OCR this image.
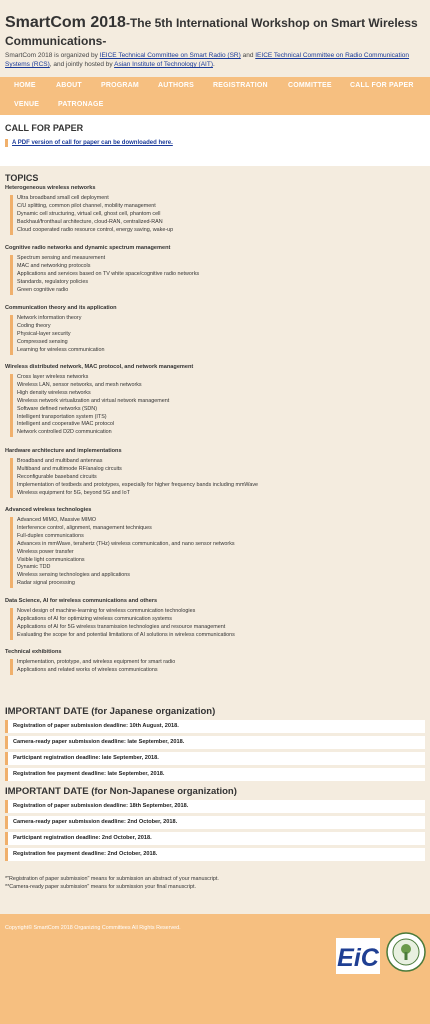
SmartCom 2018-The 5th International Workshop on Smart Wireless Communications-
SmartCom 2018 is organized by IEICE Technical Committee on Smart Radio (SR) and IEICE Technical Committee on Radio Communication Systems (RCS), and jointly hosted by Asian Institute of Technology (AIT).
HOME	ABOUT	PROGRAM	AUTHORS	REGISTRATION	COMMITTEE	CALL FOR PAPER
VENUE	PATRONAGE
CALL FOR PAPER
A PDF version of call for paper can be downloaded here.
TOPICS
Heterogeneous wireless networks
Ultra broadband small cell deployment
C/U splitting, common pilot channel, mobility management
Dynamic cell structuring, virtual cell, ghost cell, phantom cell
Backhaul/fronthaul architecture, cloud-RAN, centralized-RAN
Cloud cooperated radio resource control, energy saving, wake-up
Cognitive radio networks and dynamic spectrum management
Spectrum sensing and measurement
MAC and networking protocols
Applications and services based on TV white space/cognitive radio networks
Standards, regulatory policies
Green cognitive radio
Communication theory and its application
Network information theory
Coding theory
Physical-layer security
Compressed sensing
Learning for wireless communication
Wireless distributed network, MAC protocol, and network management
Cross layer wireless networks
Wireless LAN, sensor networks, and mesh networks
High density wireless networks
Wireless network virtualization and virtual network management
Software defined networks (SDN)
Intelligent transportation system (ITS)
Intelligent and cooperative MAC protocol
Network controlled D2D communication
Hardware architecture and implementations
Broadband and multiband antennas
Multiband and multimode RF/analog circuits
Reconfigurable baseband circuits
Implementation of testbeds and prototypes, especially for higher frequency bands including mmWave
Wireless equipment for 5G, beyond 5G and IoT
Advanced wireless technologies
Advanced MIMO, Massive MIMO
Interference control, alignment, management techniques
Full-duplex communications
Advances in mmWave, terahertz (THz) wireless communication, and nano sensor networks
Wireless power transfer
Visible light communications
Dynamic TDD
Wireless sensing technologies and applications
Radar signal processing
Data Science, AI for wireless communications and others
Novel design of machine-learning for wireless communication technologies
Applications of AI for optimizing wireless communication systems
Applications of AI for 5G wireless transmission technologies and resource management
Evaluating the scope for and potential limitations of AI solutions in wireless communications
Technical exhibitions
Implementation, prototype, and wireless equipment for smart radio
Applications and related works of wireless communications
IMPORTANT DATE (for Japanese organization)
Registration of paper submission deadline: 10th August, 2018.
Camera-ready paper submission deadline: late September, 2018.
Participant registration deadline: late September, 2018.
Registration fee payment deadline: late September, 2018.
IMPORTANT DATE (for Non-Japanese organization)
Registration of paper submission deadline: 18th September, 2018.
Camera-ready paper submission deadline: 2nd October, 2018.
Participant registration deadline: 2nd October, 2018.
Registration fee payment deadline: 2nd October, 2018.
*"Registration of paper submission" means for submission an abstract of your manuscript.
**Camera-ready paper submission" means for submission your final manuscript.
Copyright© SmartCom 2018 Organizing Committees All Rights Reserved.
EiC
